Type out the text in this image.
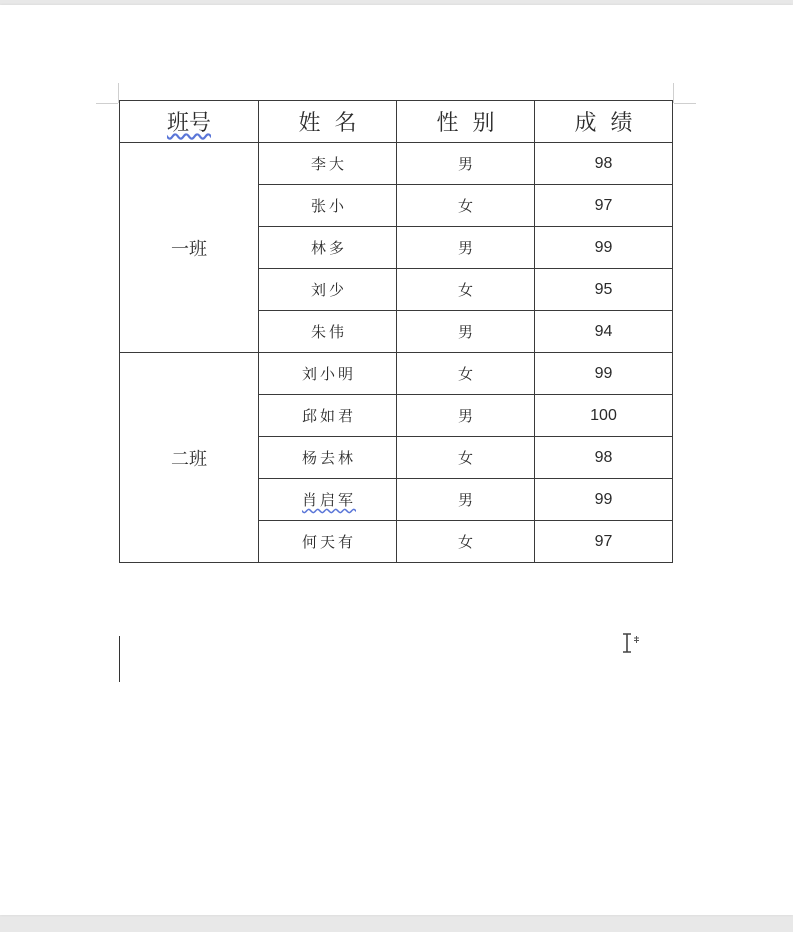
班号	姓名	性别	成绩
一班	李大	男	98
	张小	女	97
	林多	男	99
	刘少	女	95
	朱伟	男	94
二班	刘小明	女	99
	邱如君	男	100
	杨去林	女	98
	肖启军	男	99
	何天有	女	97
